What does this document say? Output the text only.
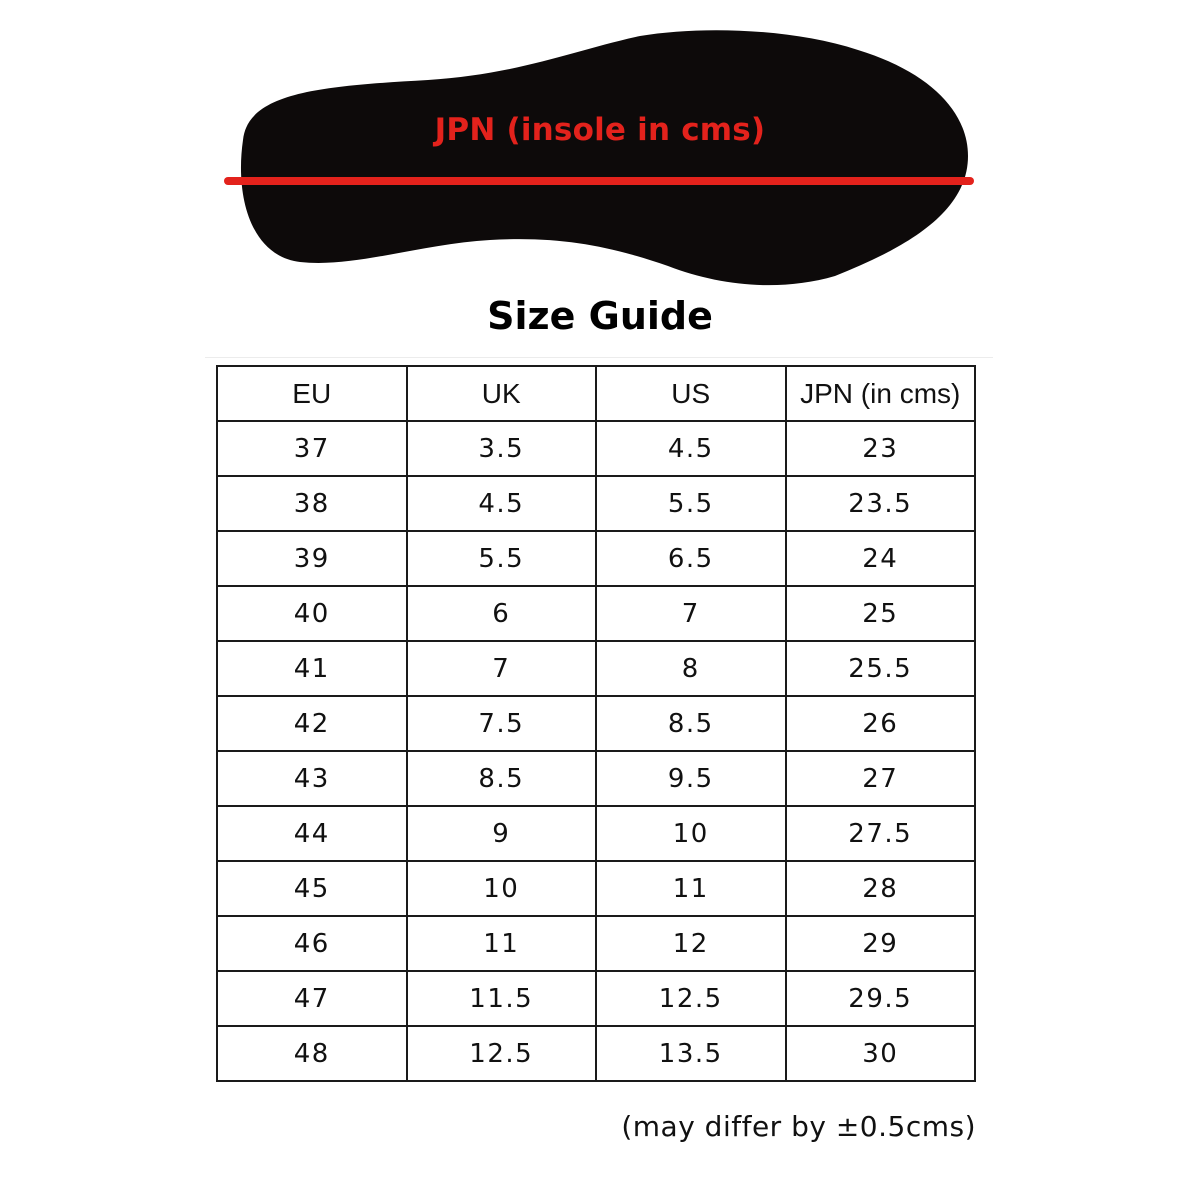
JPN (insole in cms)
Size Guide
EU	UK	US	JPN (in cms)
37	3.5	4.5	23
38	4.5	5.5	23.5
39	5.5	6.5	24
40	6	7	25
41	7	8	25.5
42	7.5	8.5	26
43	8.5	9.5	27
44	9	10	27.5
45	10	11	28
46	11	12	29
47	11.5	12.5	29.5
48	12.5	13.5	30
(may differ by ±0.5cms)
